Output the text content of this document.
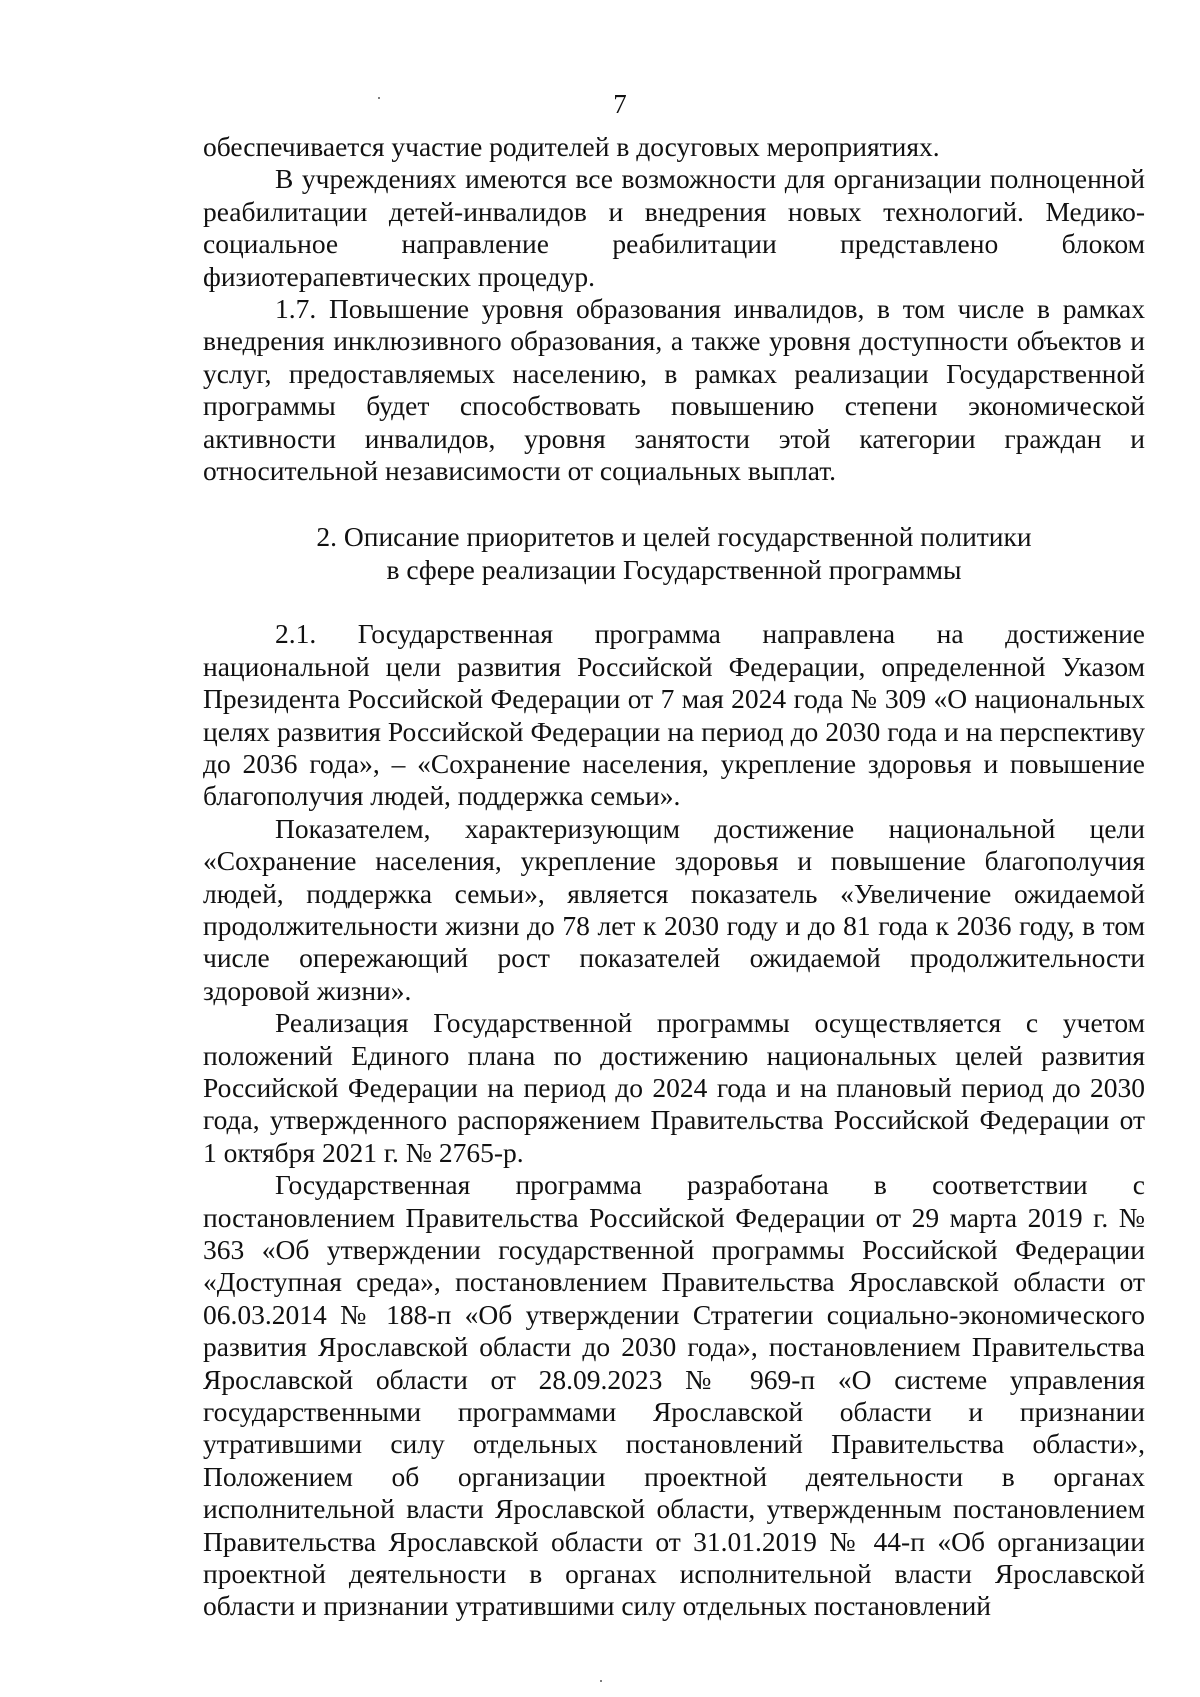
7

обеспечивается участие родителей в досуговых мероприятиях.

В учреждениях имеются все возможности для организации полноценной реабилитации детей-инвалидов и внедрения новых технологий. Медико-социальное направление реабилитации представлено блоком физиотерапевтических процедур.

1.7. Повышение уровня образования инвалидов, в том числе в рамках внедрения инклюзивного образования, а также уровня доступности объектов и услуг, предоставляемых населению, в рамках реализации Государственной программы будет способствовать повышению степени экономической активности инвалидов, уровня занятости этой категории граждан и относительной независимости от социальных выплат.

2. Описание приоритетов и целей государственной политики
в сфере реализации Государственной программы

2.1. Государственная программа направлена на достижение национальной цели развития Российской Федерации, определенной Указом Президента Российской Федерации от 7 мая 2024 года № 309 «О национальных целях развития Российской Федерации на период до 2030 года и на перспективу до 2036 года», – «Сохранение населения, укрепление здоровья и повышение благополучия людей, поддержка семьи».

Показателем, характеризующим достижение национальной цели «Сохранение населения, укрепление здоровья и повышение благополучия людей, поддержка семьи», является показатель «Увеличение ожидаемой продолжительности жизни до 78 лет к 2030 году и до 81 года к 2036 году, в том числе опережающий рост показателей ожидаемой продолжительности здоровой жизни».

Реализация Государственной программы осуществляется с учетом положений Единого плана по достижению национальных целей развития Российской Федерации на период до 2024 года и на плановый период до 2030 года, утвержденного распоряжением Правительства Российской Федерации от 1 октября 2021 г. № 2765-р.

Государственная программа разработана в соответствии с постановлением Правительства Российской Федерации от 29 марта 2019 г. № 363 «Об утверждении государственной программы Российской Федерации «Доступная среда», постановлением Правительства Ярославской области от 06.03.2014 № 188-п «Об утверждении Стратегии социально-экономического развития Ярославской области до 2030 года», постановлением Правительства Ярославской области от 28.09.2023 № 969-п «О системе управления государственными программами Ярославской области и признании утратившими силу отдельных постановлений Правительства области», Положением об организации проектной деятельности в органах исполнительной власти Ярославской области, утвержденным постановлением Правительства Ярославской области от 31.01.2019 № 44-п «Об организации проектной деятельности в органах исполнительной власти Ярославской области и признании утратившими силу отдельных постановлений
